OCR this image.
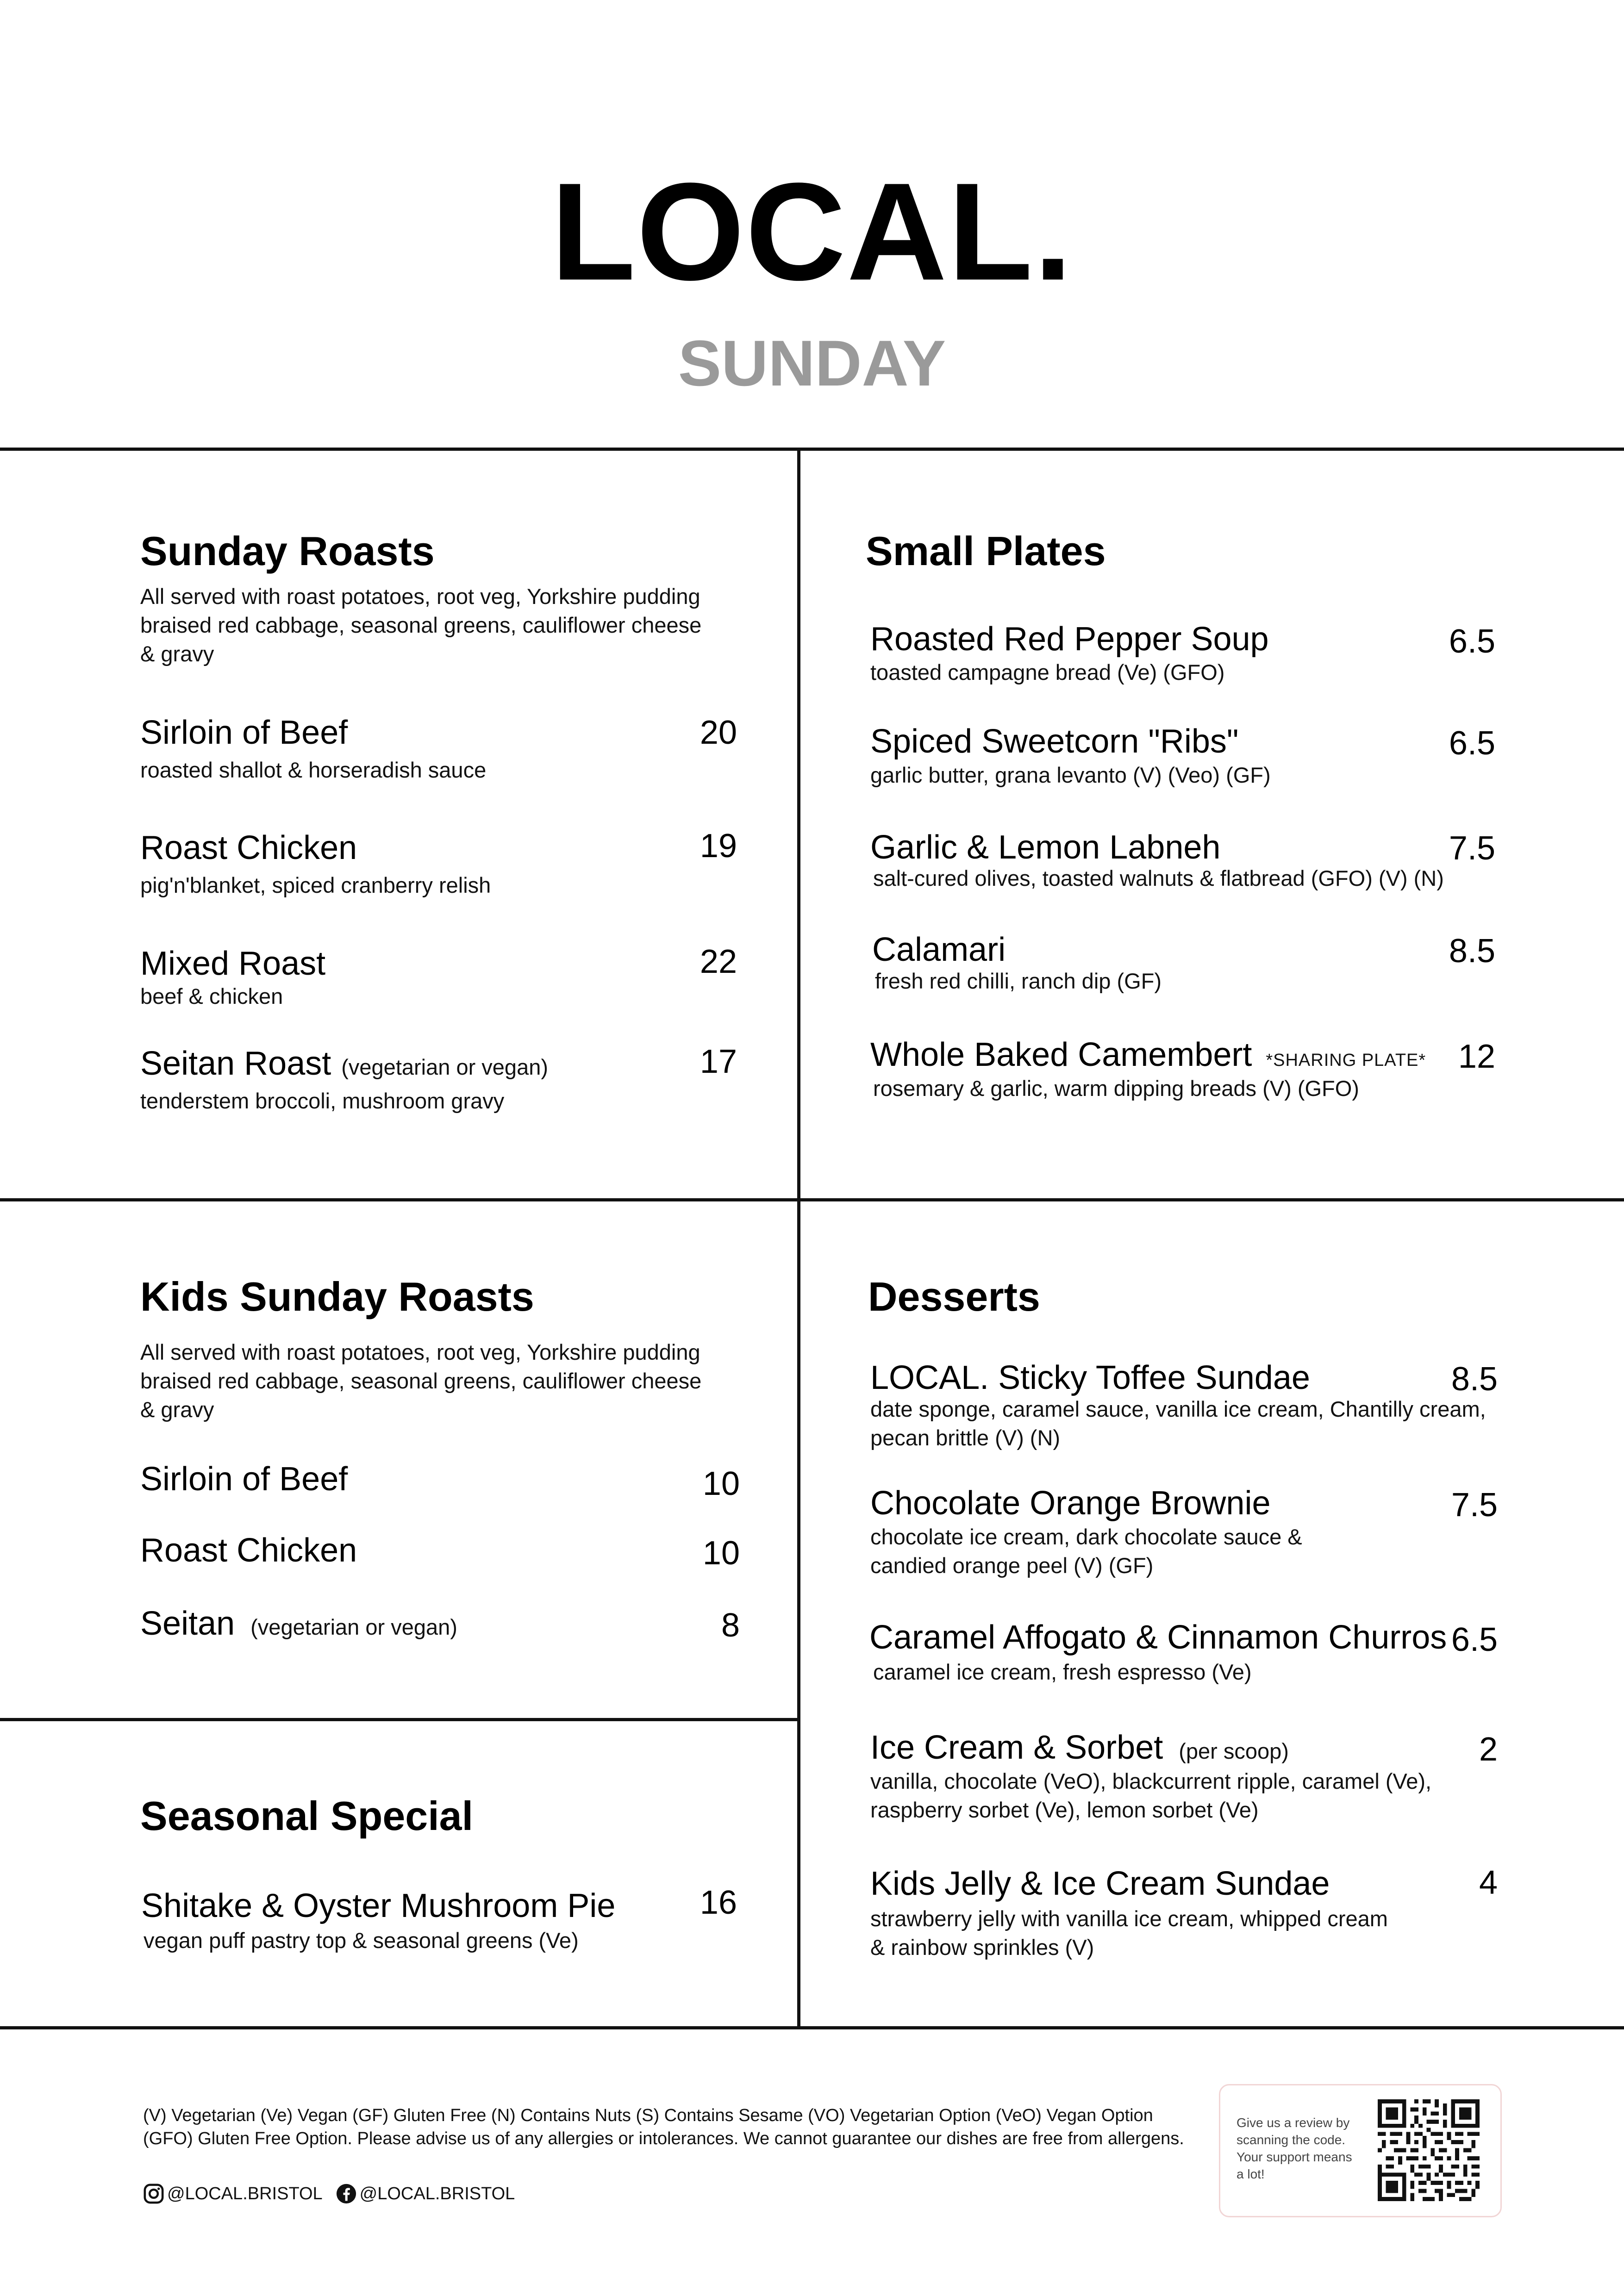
LOCAL.
SUNDAY
Sunday Roasts
All served with roast potatoes, root veg, Yorkshire pudding
braised red cabbage, seasonal greens, cauliflower cheese
& gravy
Sirloin of Beef	20
roasted shallot & horseradish sauce
Roast Chicken	19
pig'n'blanket, spiced cranberry relish
Mixed Roast	22
beef & chicken
Seitan Roast (vegetarian or vegan)	17
tenderstem broccoli, mushroom gravy
Small Plates
Roasted Red Pepper Soup	6.5
toasted campagne bread (Ve) (GFO)
Spiced Sweetcorn "Ribs"	6.5
garlic butter, grana levanto (V) (Veo) (GF)
Garlic & Lemon Labneh	7.5
salt-cured olives, toasted walnuts & flatbread (GFO) (V) (N)
Calamari	8.5
fresh red chilli, ranch dip (GF)
Whole Baked Camembert *SHARING PLATE* 12
rosemary & garlic, warm dipping breads (V) (GFO)
Kids Sunday Roasts
All served with roast potatoes, root veg, Yorkshire pudding
braised red cabbage, seasonal greens, cauliflower cheese
& gravy
Sirloin of Beef	10
Roast Chicken	10
Seitan (vegetarian or vegan)	8
Seasonal Special
Shitake & Oyster Mushroom Pie	16
vegan puff pastry top & seasonal greens (Ve)
Desserts
LOCAL. Sticky Toffee Sundae	8.5
date sponge, caramel sauce, vanilla ice cream, Chantilly cream,
pecan brittle (V) (N)
Chocolate Orange Brownie	7.5
chocolate ice cream, dark chocolate sauce &
candied orange peel (V) (GF)
Caramel Affogato & Cinnamon Churros 6.5
caramel ice cream, fresh espresso (Ve)
Ice Cream & Sorbet (per scoop)	2
vanilla, chocolate (VeO), blackcurrent ripple, caramel (Ve),
raspberry sorbet (Ve), lemon sorbet (Ve)
Kids Jelly & Ice Cream Sundae	4
strawberry jelly with vanilla ice cream, whipped cream
& rainbow sprinkles (V)
(V) Vegetarian (Ve) Vegan (GF) Gluten Free (N) Contains Nuts (S) Contains Sesame (VO) Vegetarian Option (VeO) Vegan Option
(GFO) Gluten Free Option. Please advise us of any allergies or intolerances. We cannot guarantee our dishes are free from allergens.
@LOCAL.BRISTOL @LOCAL.BRISTOL
Give us a review by
scanning the code.
Your support means
a lot!
